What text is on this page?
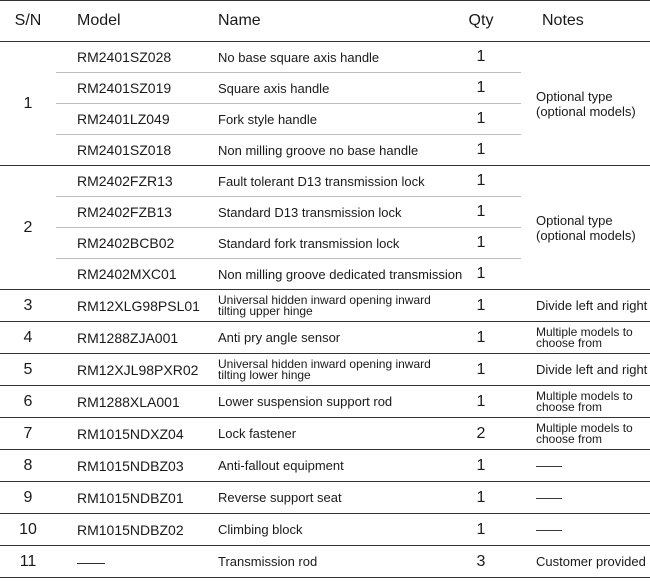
S/N	Model	Name	Qty	Notes
1	RM2401SZ028	No base square axis handle	1	Optional type (optional models)
	RM2401SZ019	Square axis handle	1	
	RM2401LZ049	Fork style handle	1	
	RM2401SZ018	Non milling groove no base handle	1	
2	RM2402FZR13	Fault tolerant D13 transmission lock	1	Optional type (optional models)
	RM2402FZB13	Standard D13 transmission lock	1	
	RM2402BCB02	Standard fork transmission lock	1	
	RM2402MXC01	Non milling groove dedicated transmission	1	
3	RM12XLG98PSL01	Universal hidden inward opening inward tilting upper hinge	1	Divide left and right
4	RM1288ZJA001	Anti pry angle sensor	1	Multiple models to choose from
5	RM12XJL98PXR02	Universal hidden inward opening inward tilting lower hinge	1	Divide left and right
6	RM1288XLA001	Lower suspension support rod	1	Multiple models to choose from
7	RM1015NDXZ04	Lock fastener	2	Multiple models to choose from
8	RM1015NDBZ03	Anti-fallout equipment	1	——
9	RM1015NDBZ01	Reverse support seat	1	——
10	RM1015NDBZ02	Climbing block	1	——
11	——	Transmission rod	3	Customer provided
